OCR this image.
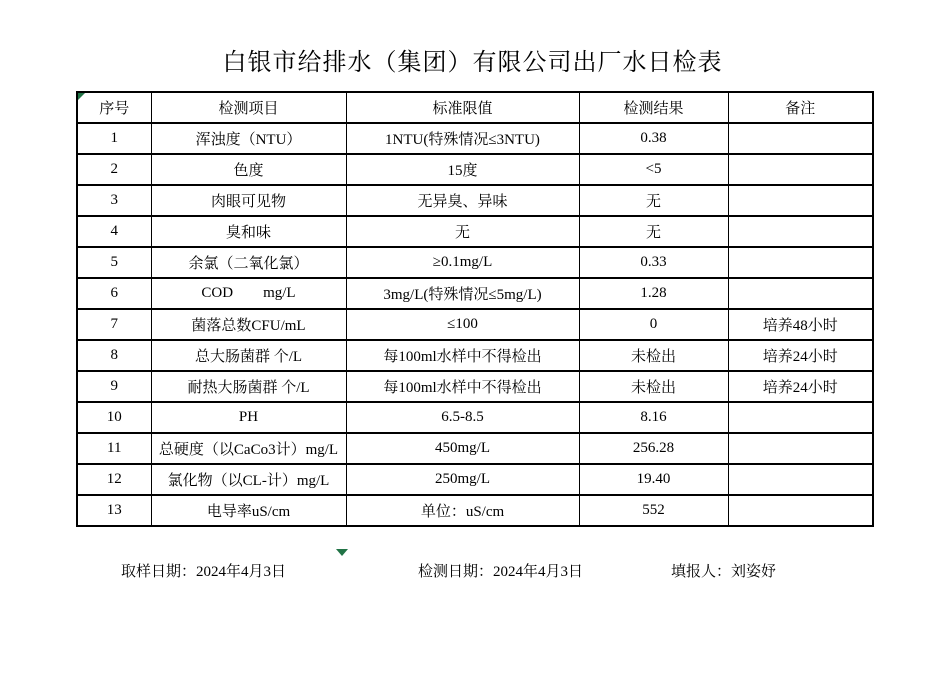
白银市给排水（集团）有限公司出厂水日检表
序号	检测项目	标准限值	检测结果	备注
1	浑浊度（NTU）	1NTU(特殊情况≤3NTU)	0.38	
2	色度	15度	<5	
3	肉眼可见物	无异臭、异味	无	
4	臭和味	无	无	
5	余氯（二氧化氯）	≥0.1mg/L	0.33	
6	COD        mg/L	3mg/L(特殊情况≤5mg/L)	1.28	
7	菌落总数CFU/mL	≤100	0	培养48小时
8	总大肠菌群 个/L	每100ml水样中不得检出	未检出	培养24小时
9	耐热大肠菌群 个/L	每100ml水样中不得检出	未检出	培养24小时
10	PH	6.5-8.5	8.16	
11	总硬度（以CaCo3计）mg/L	450mg/L	256.28	
12	氯化物（以CL-计）mg/L	250mg/L	19.40	
13	电导率uS/cm	单位：uS/cm	552	
取样日期：2024年4月3日	检测日期：2024年4月3日	填报人：刘姿妤
